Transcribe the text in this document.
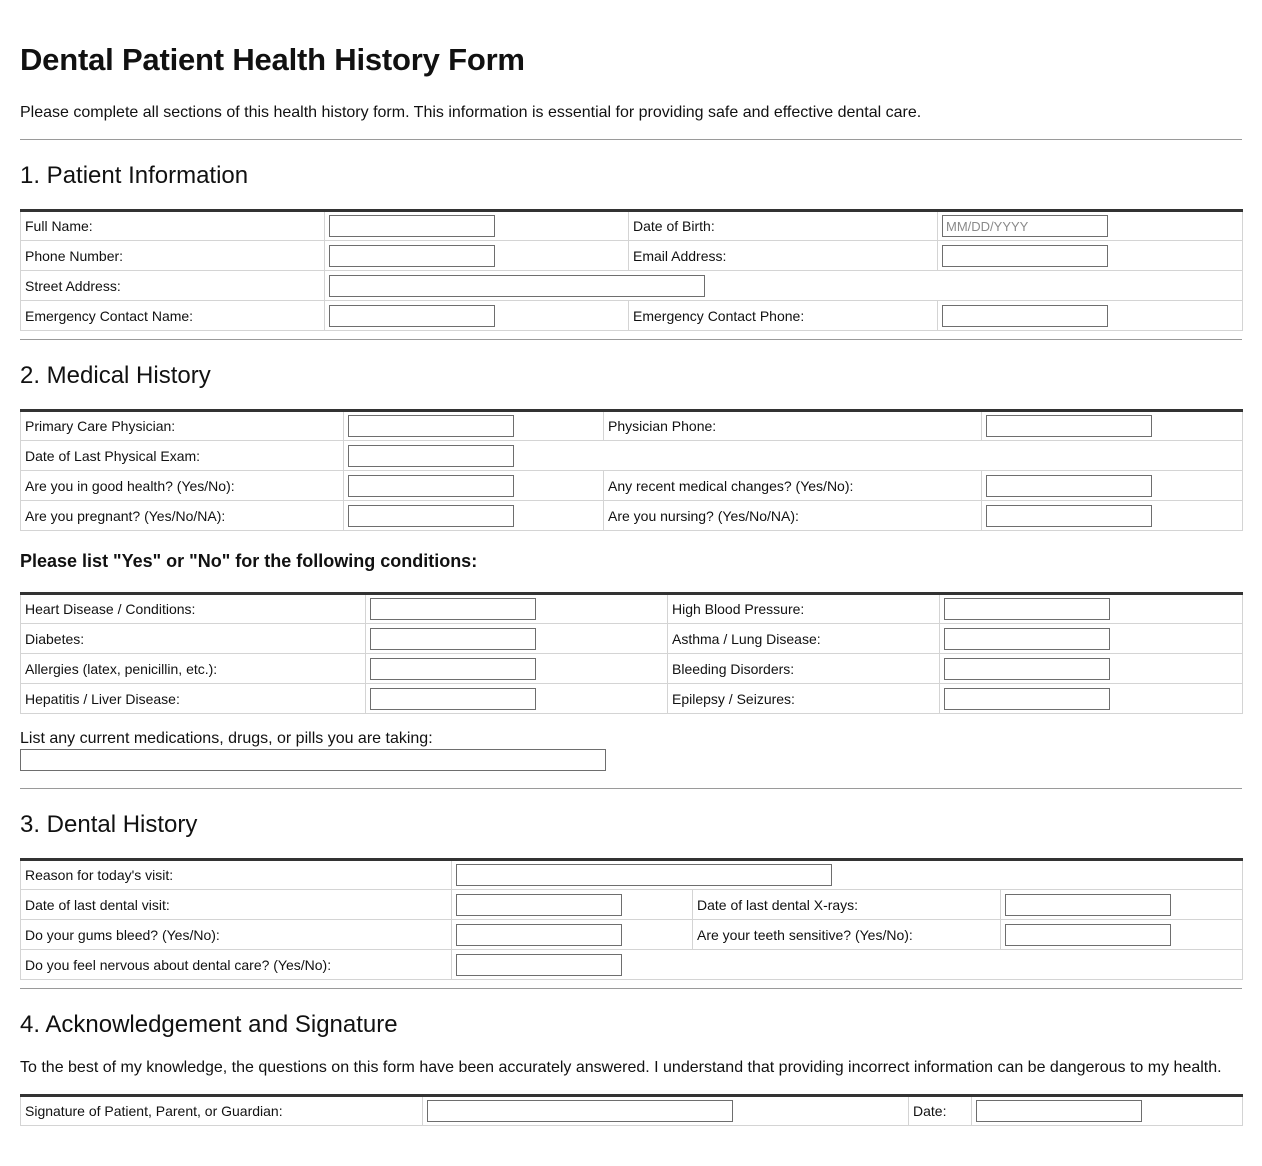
Dental Patient Health History Form

Please complete all sections of this health history form. This information is essential for providing safe and effective dental care.

1. Patient Information
Full Name:		Date of Birth:	
MM/DD/YYYY
Phone Number:		Email Address:	

Street Address:	

Emergency Contact Name:		Emergency Contact Phone:	
2. Medical History
Primary Care Physician:		Physician Phone:	

Date of Last Physical Exam:	

Are you in good health? (Yes/No):		Any recent medical changes? (Yes/No):	

Are you pregnant? (Yes/No/NA):		Are you nursing? (Yes/No/NA):	

Please list "Yes" or "No" for the following conditions:

Heart Disease / Conditions:		High Blood Pressure:	

Diabetes:		Asthma / Lung Disease:	

Allergies (latex, penicillin, etc.):		Bleeding Disorders:	

Hepatitis / Liver Disease:		Epilepsy / Seizures:	

List any current medications, drugs, or pills you are taking:

3. Dental History
Reason for today's visit:	

Date of last dental visit:		Date of last dental X-rays:	

Do your gums bleed? (Yes/No):		Are your teeth sensitive? (Yes/No):	

Do you feel nervous about dental care? (Yes/No):	
4. Acknowledgement and Signature

To the best of my knowledge, the questions on this form have been accurately answered. I understand that providing incorrect information can be dangerous to my health.

Signature of Patient, Parent, or Guardian:		Date:	
